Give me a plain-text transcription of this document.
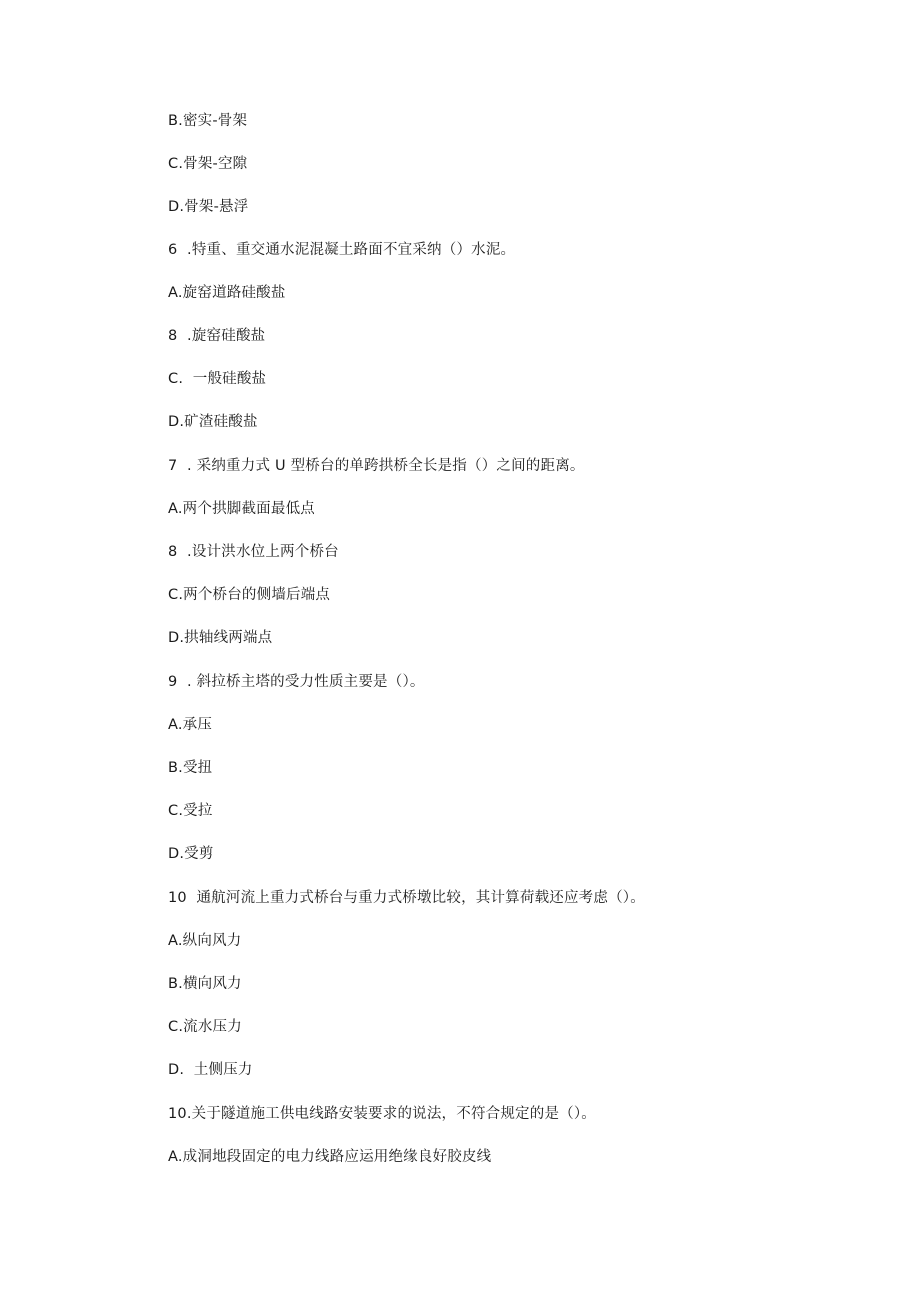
B.密实-骨架
C.骨架-空隙
D.骨架-悬浮
6  .特重、重交通水泥混凝土路面不宜采纳（）水泥。
A.旋窑道路硅酸盐
8  .旋窑硅酸盐
C.  一般硅酸盐
D.矿渣硅酸盐
7  . 采纳重力式 U 型桥台的单跨拱桥全长是指（）之间的距离。
A.两个拱脚截面最低点
8  .设计洪水位上两个桥台
C.两个桥台的侧墙后端点
D.拱轴线两端点
9  . 斜拉桥主塔的受力性质主要是（）。
A.承压
B.受扭
C.受拉
D.受剪
10  通航河流上重力式桥台与重力式桥墩比较，其计算荷载还应考虑（）。
A.纵向风力
B.横向风力
C.流水压力
D.  土侧压力
10.关于隧道施工供电线路安装要求的说法，不符合规定的是（）。
A.成洞地段固定的电力线路应运用绝缘良好胶皮线
